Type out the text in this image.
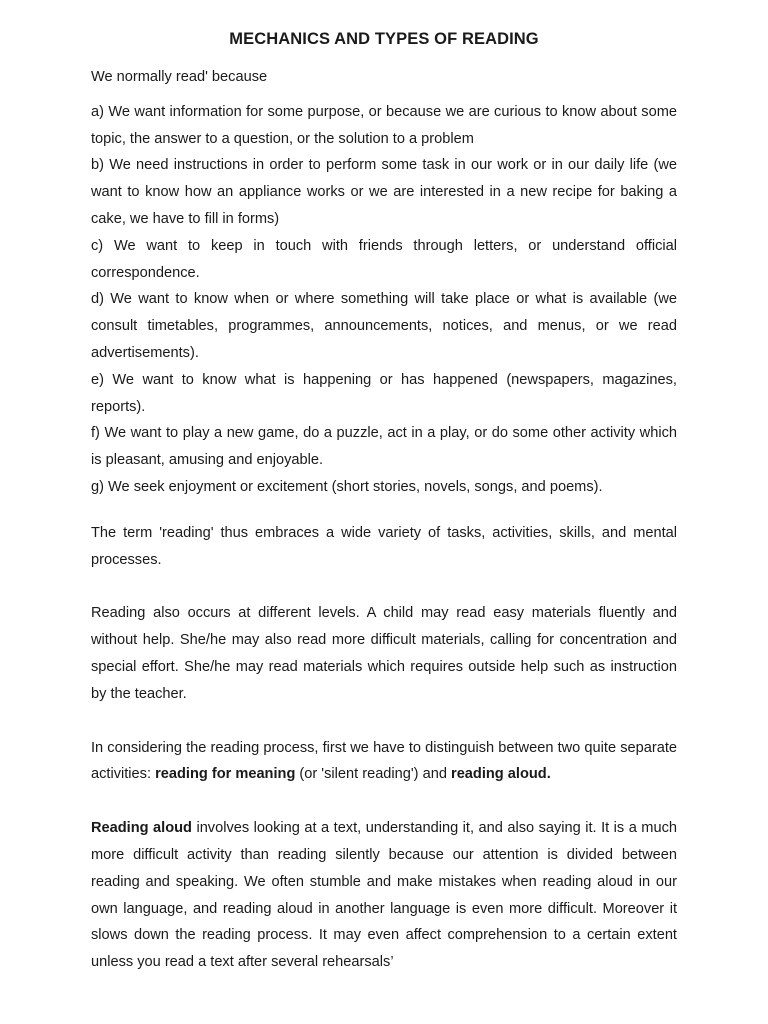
MECHANICS AND TYPES OF READING

We normally read' because

a) We want information for some purpose, or because we are curious to know about some topic, the answer to a question, or the solution to a problem

b) We need instructions in order to perform some task in our work or in our daily life (we want to know how an appliance works or we are interested in a new recipe for baking a cake, we have to fill in forms)

c) We want to keep in touch with friends through letters, or understand official correspondence.

d) We want to know when or where something will take place or what is available (we consult timetables, programmes, announcements, notices, and menus, or we read advertisements).

e) We want to know what is happening or has happened (newspapers, magazines, reports).

f) We want to play a new game, do a puzzle, act in a play, or do some other activity which is pleasant, amusing and enjoyable.

g) We seek enjoyment or excitement (short stories, novels, songs, and poems).

The term 'reading' thus embraces a wide variety of tasks, activities, skills, and mental processes.

Reading also occurs at different levels. A child may read easy materials fluently and without help. She/he may also read more difficult materials, calling for concentration and special effort. She/he may read materials which requires outside help such as instruction by the teacher.

In considering the reading process, first we have to distinguish between two quite separate activities: reading for meaning (or 'silent reading') and reading aloud.

Reading aloud involves looking at a text, understanding it, and also saying it. It is a much more difficult activity than reading silently because our attention is divided between reading and speaking. We often stumble and make mistakes when reading aloud in our own language, and reading aloud in another language is even more difficult. Moreover it slows down the reading process. It may even affect comprehension to a certain extent unless you read a text after several rehearsals’
